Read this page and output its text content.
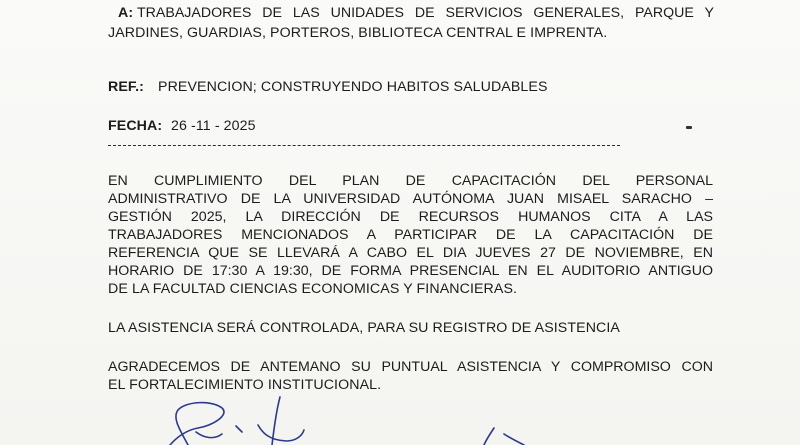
A: TRABAJADORES DE LAS UNIDADES DE SERVICIOS GENERALES, PARQUE Y
JARDINES, GUARDIAS, PORTEROS, BIBLIOTECA CENTRAL E IMPRENTA.
REF.: PREVENCION; CONSTRUYENDO HABITOS SALUDABLES
FECHA: 26 -11 - 2025
EN CUMPLIMIENTO DEL PLAN DE CAPACITACIÓN DEL PERSONAL
ADMINISTRATIVO DE LA UNIVERSIDAD AUTÓNOMA JUAN MISAEL SARACHO –
GESTIÓN 2025, LA DIRECCIÓN DE RECURSOS HUMANOS CITA A LAS
TRABAJADORES MENCIONADOS A PARTICIPAR DE LA CAPACITACIÓN DE
REFERENCIA QUE SE LLEVARÁ A CABO EL DIA JUEVES 27 DE NOVIEMBRE, EN
HORARIO DE 17:30 A 19:30, DE FORMA PRESENCIAL EN EL AUDITORIO ANTIGUO
DE LA FACULTAD CIENCIAS ECONOMICAS Y FINANCIERAS.
LA ASISTENCIA SERÁ CONTROLADA, PARA SU REGISTRO DE ASISTENCIA
AGRADECEMOS DE ANTEMANO SU PUNTUAL ASISTENCIA Y COMPROMISO CON
EL FORTALECIMIENTO INSTITUCIONAL.
